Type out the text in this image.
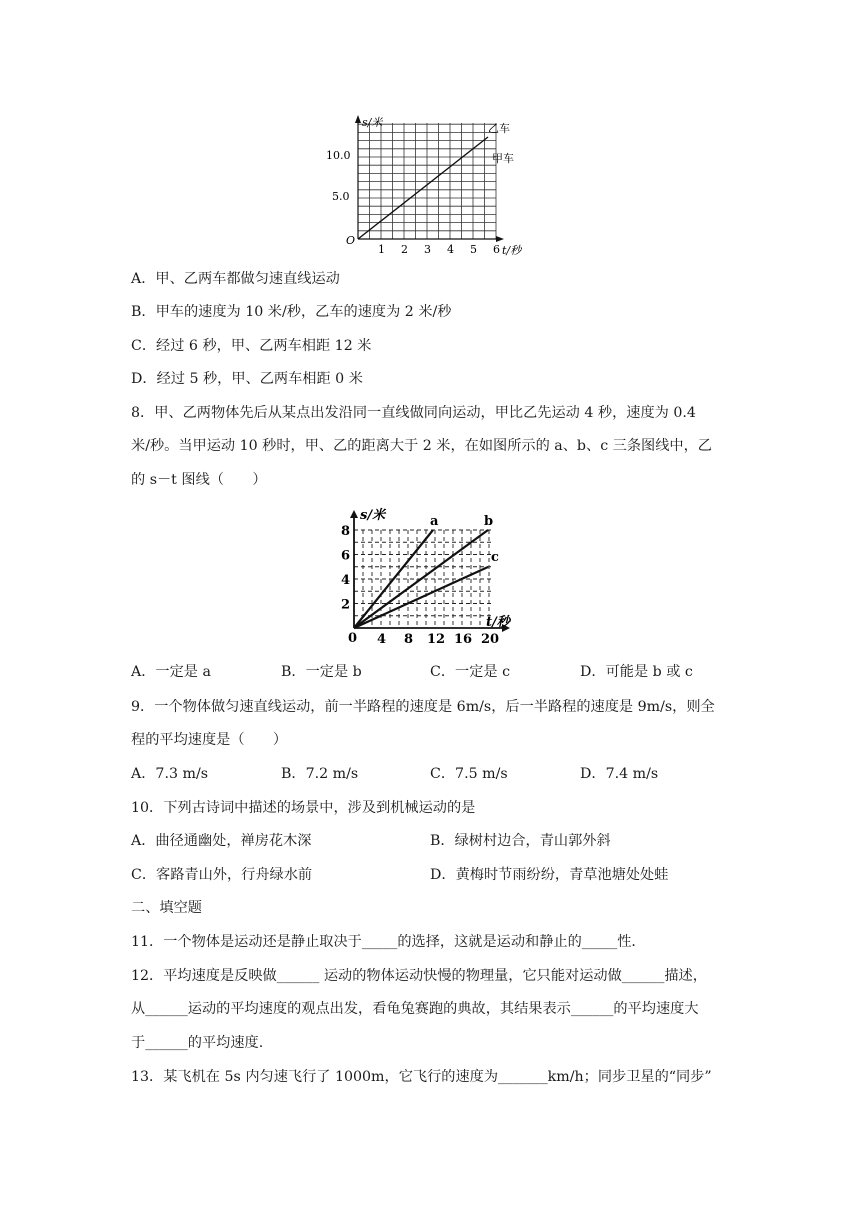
s/米
t/秒
O
5.0
10.0
乙车
甲车
1 2 3 4 5 6
A．甲、乙两车都做匀速直线运动
B．甲车的速度为 10 米/秒，乙车的速度为 2 米/秒
C．经过 6 秒，甲、乙两车相距 12 米
D．经过 5 秒，甲、乙两车相距 0 米
8．甲、乙两物体先后从某点出发沿同一直线做同向运动，甲比乙先运动 4 秒，速度为 0.4
米/秒。当甲运动 10 秒时，甲、乙的距离大于 2 米，在如图所示的 a、b、c 三条图线中，乙
的 s－t 图线（　　）
s/米
t/秒
a	b
c
0
2
4
6
8
4 8 12 16 20
A．一定是 a	B．一定是 b	C．一定是 c	D．可能是 b 或 c
9．一个物体做匀速直线运动，前一半路程的速度是 6m/s，后一半路程的速度是 9m/s，则全
程的平均速度是（　　）
A．7.3 m/s	B．7.2 m/s	C．7.5 m/s	D．7.4 m/s
10．下列古诗词中描述的场景中，涉及到机械运动的是
A．曲径通幽处，禅房花木深	B．绿树村边合，青山郭外斜
C．客路青山外，行舟绿水前	D．黄梅时节雨纷纷，青草池塘处处蛙
二、填空题
11．一个物体是运动还是静止取决于_____的选择，这就是运动和静止的_____性．
12．平均速度是反映做______ 运动的物体运动快慢的物理量，它只能对运动做______描述，
从______运动的平均速度的观点出发，看龟兔赛跑的典故，其结果表示______的平均速度大
于______的平均速度.
13．某飞机在 5s 内匀速飞行了 1000m，它飞行的速度为_______km/h；同步卫星的“同步”
